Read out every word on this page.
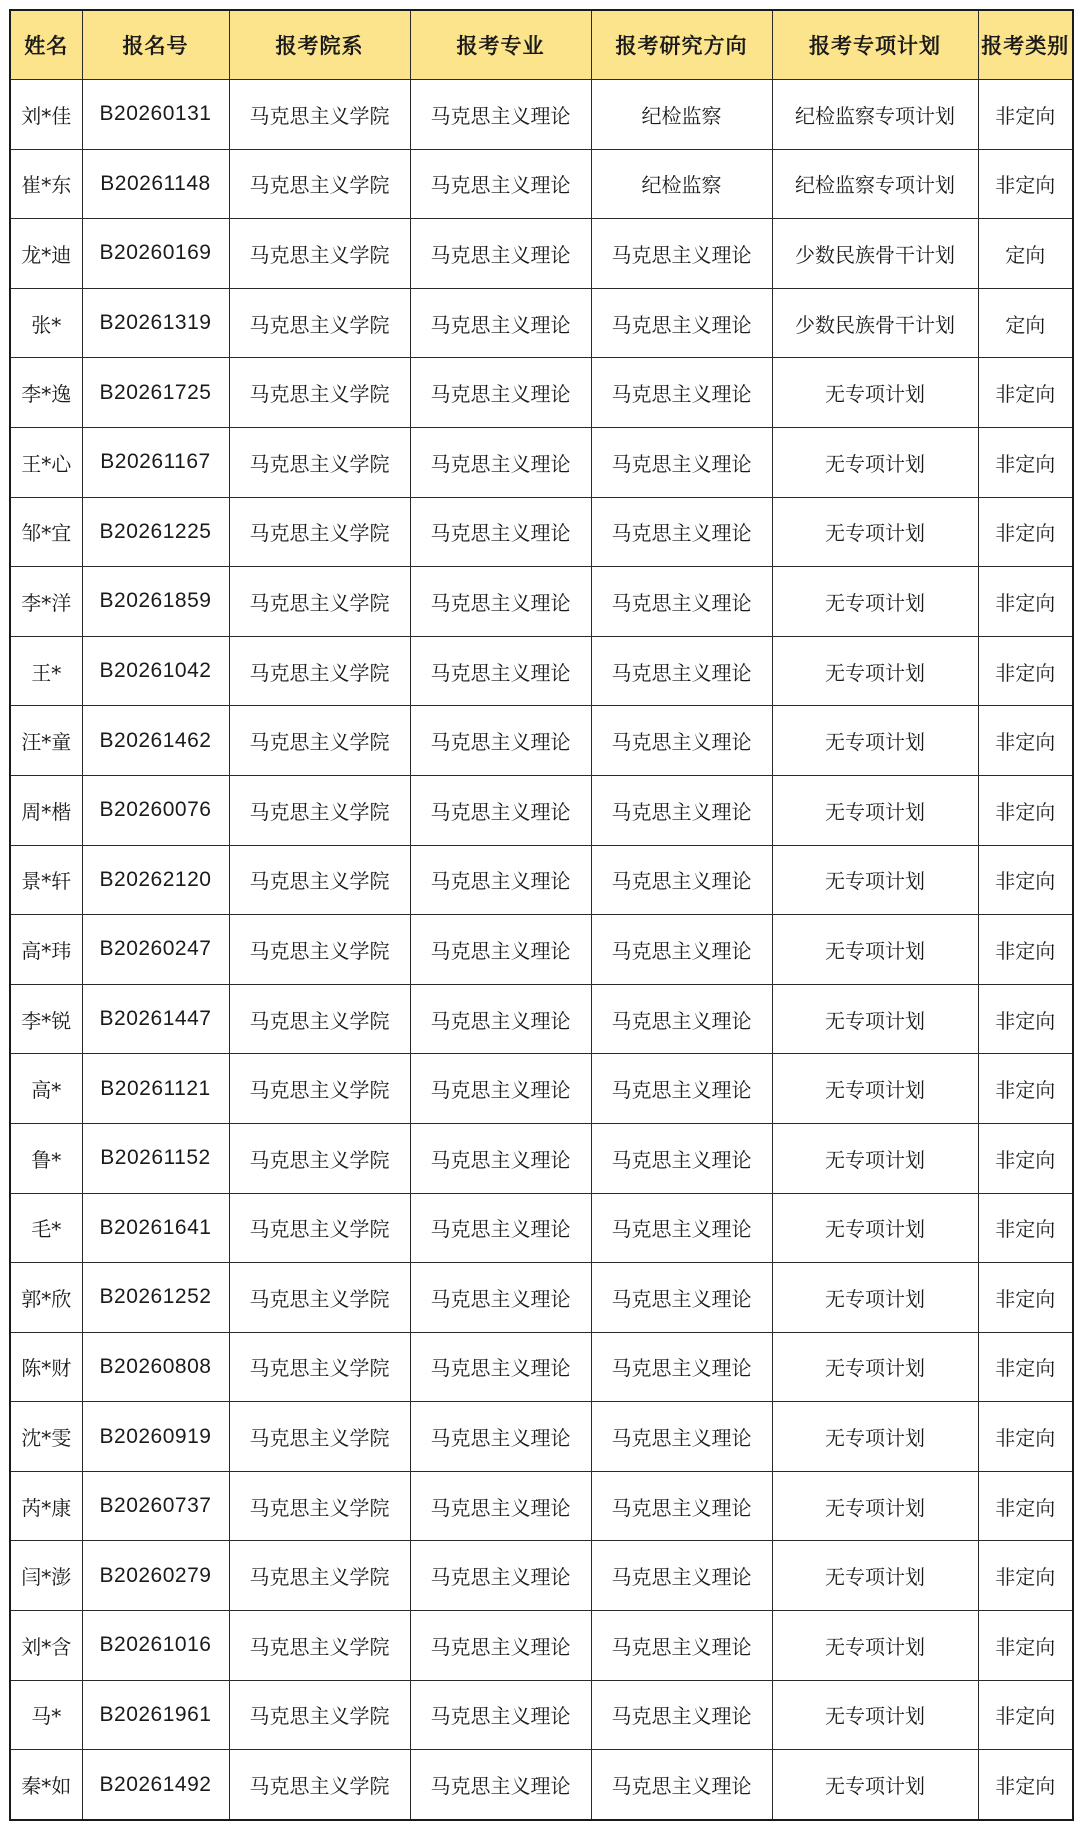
姓名	报名号	报考院系	报考专业	报考研究方向	报考专项计划	报考类别
刘*佳	B20260131	马克思主义学院	马克思主义理论	纪检监察	纪检监察专项计划	非定向
崔*东	B20261148	马克思主义学院	马克思主义理论	纪检监察	纪检监察专项计划	非定向
龙*迪	B20260169	马克思主义学院	马克思主义理论	马克思主义理论	少数民族骨干计划	定向
张*	B20261319	马克思主义学院	马克思主义理论	马克思主义理论	少数民族骨干计划	定向
李*逸	B20261725	马克思主义学院	马克思主义理论	马克思主义理论	无专项计划	非定向
王*心	B20261167	马克思主义学院	马克思主义理论	马克思主义理论	无专项计划	非定向
邹*宜	B20261225	马克思主义学院	马克思主义理论	马克思主义理论	无专项计划	非定向
李*洋	B20261859	马克思主义学院	马克思主义理论	马克思主义理论	无专项计划	非定向
王*	B20261042	马克思主义学院	马克思主义理论	马克思主义理论	无专项计划	非定向
汪*童	B20261462	马克思主义学院	马克思主义理论	马克思主义理论	无专项计划	非定向
周*楷	B20260076	马克思主义学院	马克思主义理论	马克思主义理论	无专项计划	非定向
景*轩	B20262120	马克思主义学院	马克思主义理论	马克思主义理论	无专项计划	非定向
高*玮	B20260247	马克思主义学院	马克思主义理论	马克思主义理论	无专项计划	非定向
李*锐	B20261447	马克思主义学院	马克思主义理论	马克思主义理论	无专项计划	非定向
高*	B20261121	马克思主义学院	马克思主义理论	马克思主义理论	无专项计划	非定向
鲁*	B20261152	马克思主义学院	马克思主义理论	马克思主义理论	无专项计划	非定向
毛*	B20261641	马克思主义学院	马克思主义理论	马克思主义理论	无专项计划	非定向
郭*欣	B20261252	马克思主义学院	马克思主义理论	马克思主义理论	无专项计划	非定向
陈*财	B20260808	马克思主义学院	马克思主义理论	马克思主义理论	无专项计划	非定向
沈*雯	B20260919	马克思主义学院	马克思主义理论	马克思主义理论	无专项计划	非定向
芮*康	B20260737	马克思主义学院	马克思主义理论	马克思主义理论	无专项计划	非定向
闫*澎	B20260279	马克思主义学院	马克思主义理论	马克思主义理论	无专项计划	非定向
刘*含	B20261016	马克思主义学院	马克思主义理论	马克思主义理论	无专项计划	非定向
马*	B20261961	马克思主义学院	马克思主义理论	马克思主义理论	无专项计划	非定向
秦*如	B20261492	马克思主义学院	马克思主义理论	马克思主义理论	无专项计划	非定向
